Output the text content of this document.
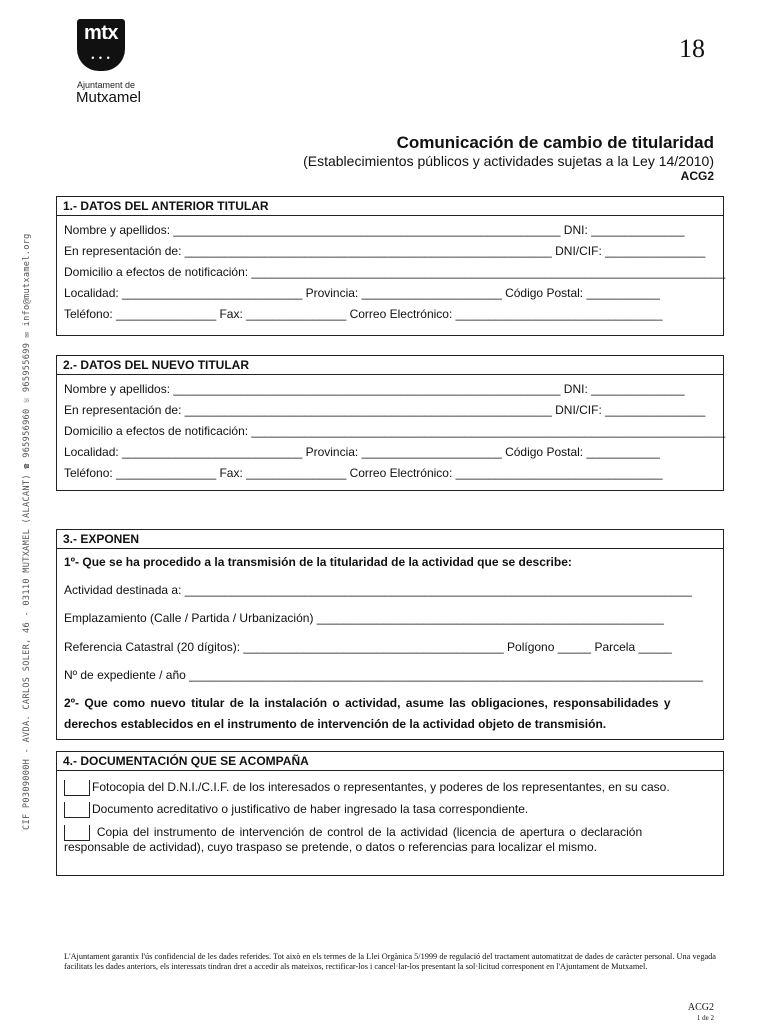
mtx
• • •
Ajuntament de
Mutxamel
18
Comunicación de cambio de titularidad
(Establecimientos públicos y actividades sujetas a la Ley 14/2010)
ACG2
CIF P0309000H - AVDA. CARLOS SOLER, 46 - 03110 MUTXAMEL (ALACANT) ☎ 965956960 ☏ 965955699 ✉ info@mutxamel.org
1.- DATOS DEL ANTERIOR TITULAR
Nombre y apellidos: __________________________________________________________ DNI: ______________
En representación de: _______________________________________________________ DNI/CIF: _______________
Domicilio a efectos de notificación: _______________________________________________________________________
Localidad: ___________________________ Provincia: _____________________ Código Postal: ___________
Teléfono: _______________ Fax: _______________ Correo Electrónico: _______________________________
2.- DATOS DEL NUEVO TITULAR
Nombre y apellidos: __________________________________________________________ DNI: ______________
En representación de: _______________________________________________________ DNI/CIF: _______________
Domicilio a efectos de notificación: _______________________________________________________________________
Localidad: ___________________________ Provincia: _____________________ Código Postal: ___________
Teléfono: _______________ Fax: _______________ Correo Electrónico: _______________________________
3.- EXPONEN
1º- Que se ha procedido a la transmisión de la titularidad de la actividad que se describe:
Actividad destinada a: ____________________________________________________________________________
Emplazamiento (Calle / Partida / Urbanización) ____________________________________________________
Referencia Catastral (20 dígitos): _______________________________________ Polígono _____ Parcela _____
Nº de expediente / año _____________________________________________________________________________
2º- Que como nuevo titular de la instalación o actividad, asume las obligaciones, responsabilidades y
derechos establecidos en el instrumento de intervención de la actividad objeto de transmisión.
4.- DOCUMENTACIÓN QUE SE ACOMPAÑA
Fotocopia del D.N.I./C.I.F. de los interesados o representantes, y poderes de los representantes, en su caso.
Documento acreditativo o justificativo de haber ingresado la tasa correspondiente.
Copia del instrumento de intervención de control de la actividad (licencia de apertura o declaración
responsable de actividad), cuyo traspaso se pretende, o datos o referencias para localizar el mismo.
L'Ajuntament garantix l'ús confidencial de les dades referides. Tot això en els termes de la Llei Orgànica 5/1999 de regulació del tractament automatitzat de dades de caràcter personal. Una vegada facilitats les dades anteriors, els interessats tindran dret a accedir als mateixos, rectificar-los i cancel·lar-los presentant la sol·licitud corresponent en l'Ajuntament de Mutxamel.
ACG2
1 de 2
